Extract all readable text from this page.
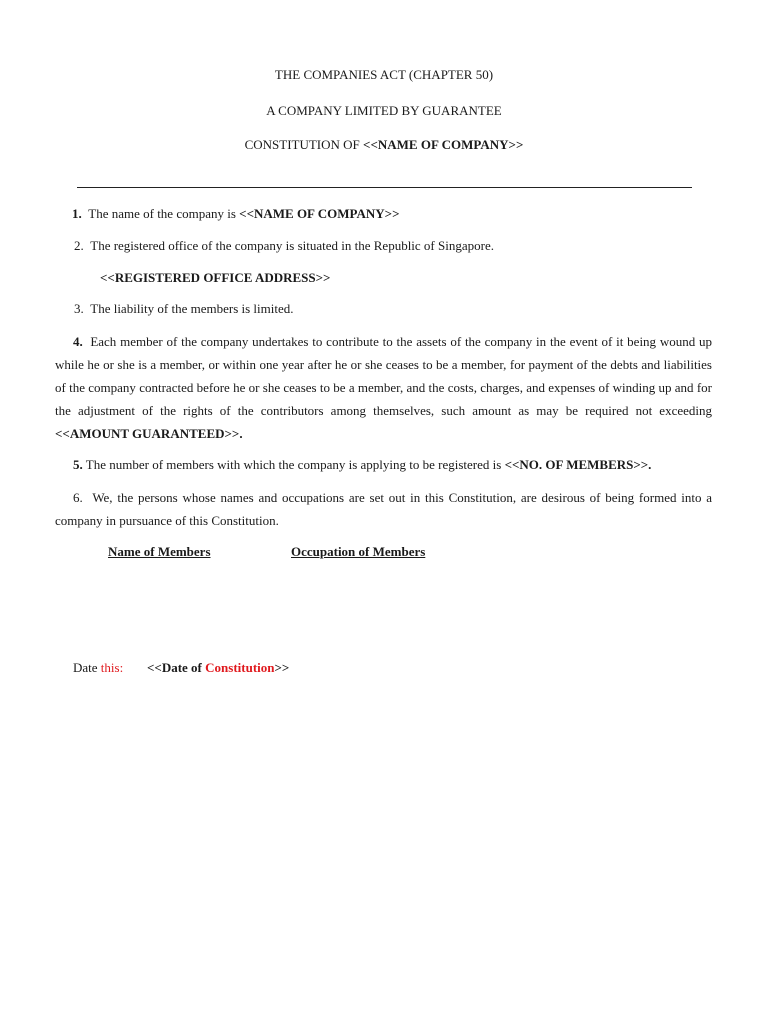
THE COMPANIES ACT (CHAPTER 50)
A COMPANY LIMITED BY GUARANTEE
CONSTITUTION OF <<NAME OF COMPANY>>
1. The name of the company is <<NAME OF COMPANY>>
2. The registered office of the company is situated in the Republic of Singapore.
<<REGISTERED OFFICE ADDRESS>>
3. The liability of the members is limited.
4. Each member of the company undertakes to contribute to the assets of the company in the event of it being wound up while he or she is a member, or within one year after he or she ceases to be a member, for payment of the debts and liabilities of the company contracted before he or she ceases to be a member, and the costs, charges, and expenses of winding up and for the adjustment of the rights of the contributors among themselves, such amount as may be required not exceeding <<AMOUNT GUARANTEED>>.
5. The number of members with which the company is applying to be registered is <<NO. OF MEMBERS>>.
6. We, the persons whose names and occupations are set out in this Constitution, are desirous of being formed into a company in pursuance of this Constitution.
Name of Members	Occupation of Members
Date this: <<Date of Constitution>>
